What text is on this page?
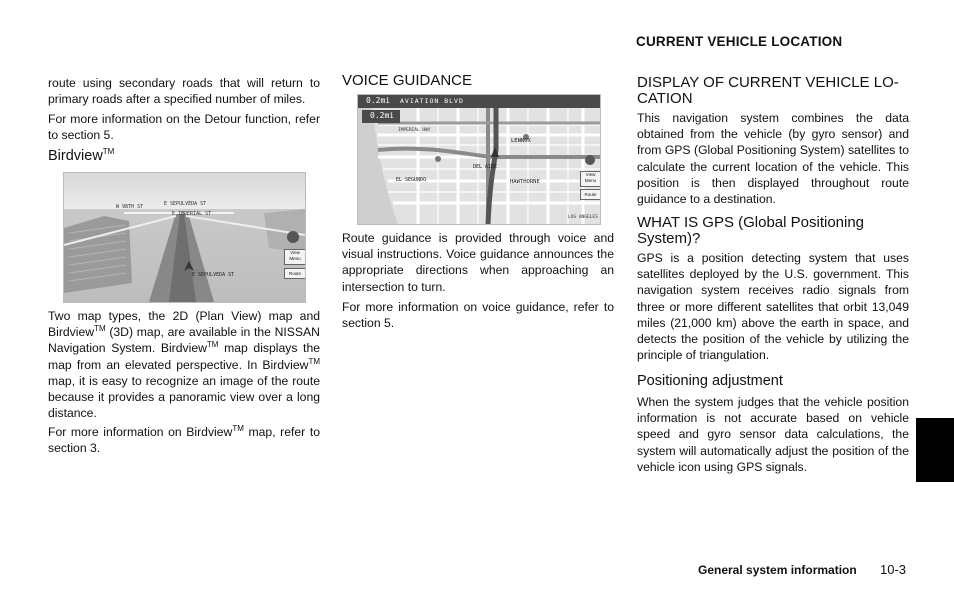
CURRENT VEHICLE LOCATION

route using secondary roads that will return to primary roads after a specified number of miles.

For more information on the Detour function, refer to section 5.

Birdview™
W 98TH ST	E SEPULVEDA ST
E IMPERIAL ST
E SEPULVEDA ST
View Menu
Route

Two map types, the 2D (Plan View) map and Birdview™ (3D) map, are available in the NISSAN Navigation System. Birdview™ map displays the map from an elevated perspective. In Birdview™ map, it is easy to recognize an image of the route because it provides a panoramic view over a long distance.

For more information on Birdview™ map, refer to section 3.

VOICE GUIDANCE
0.2mi AVIATION BLVD
0.2mi
EL SEGUNDO
LENNOX
HAWTHORNE
DEL AIRE
IMPERIAL HWY
LOS ANGELES
View Menu
Route

Route guidance is provided through voice and visual instructions. Voice guidance announces the appropriate directions when approaching an intersection to turn.

For more information on voice guidance, refer to section 5.

DISPLAY OF CURRENT VEHICLE LO-CATION

This navigation system combines the data obtained from the vehicle (by gyro sensor) and from GPS (Global Positioning System) satellites to calculate the current location of the vehicle. This position is then displayed throughout route guidance to a destination.

WHAT IS GPS (Global Positioning System)?

GPS is a position detecting system that uses satellites deployed by the U.S. government. This navigation system receives radio signals from three or more different satellites that orbit 13,049 miles (21,000 km) above the earth in space, and detects the position of the vehicle by utilizing the principle of triangulation.

Positioning adjustment

When the system judges that the vehicle position information is not accurate based on vehicle speed and gyro sensor data calculations, the system will automatically adjust the position of the vehicle icon using GPS signals.

General system information 10-3
